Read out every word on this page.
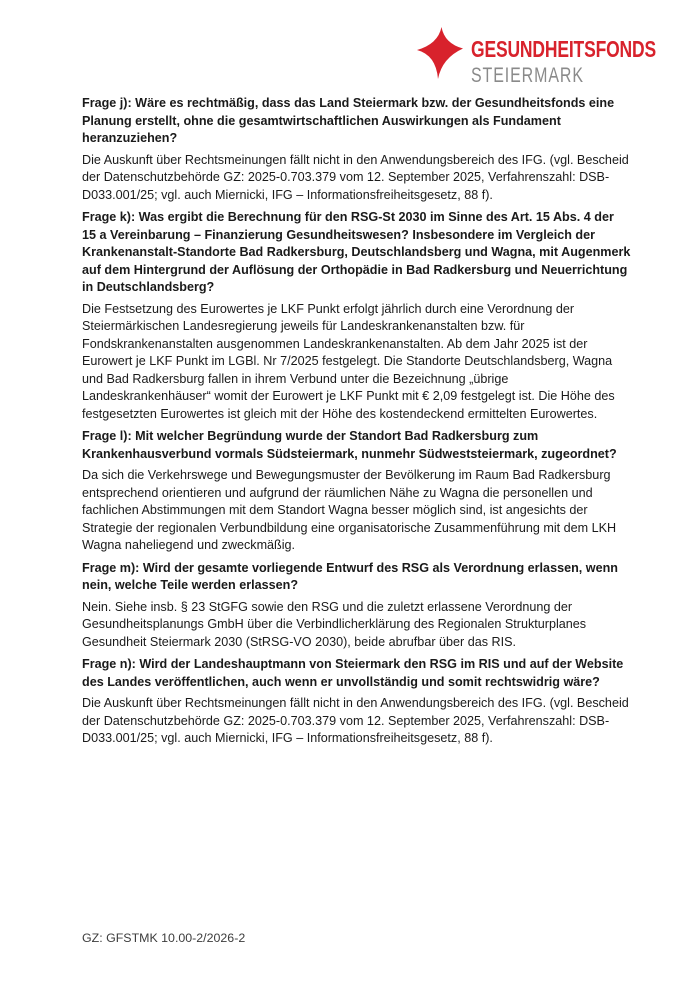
GESUNDHEITSFONDS
STEIERMARK
Frage j): Wäre es rechtmäßig, dass das Land Steiermark bzw. der Gesundheitsfonds eine Planung erstellt, ohne die gesamtwirtschaftlichen Auswirkungen als Fundament heranzuziehen?

Die Auskunft über Rechtsmeinungen fällt nicht in den Anwendungsbereich des IFG. (vgl. Bescheid der Datenschutzbehörde GZ: 2025-0.703.379 vom 12. September 2025, Verfahrenszahl: DSB-D033.001/25; vgl. auch Miernicki, IFG – Informationsfreiheitsgesetz, 88 f).

Frage k): Was ergibt die Berechnung für den RSG-St 2030 im Sinne des Art. 15 Abs. 4 der 15 a Vereinbarung – Finanzierung Gesundheitswesen? Insbesondere im Vergleich der Krankenanstalt-Standorte Bad Radkersburg, Deutschlandsberg und Wagna, mit Augenmerk auf dem Hintergrund der Auflösung der Orthopädie in Bad Radkersburg und Neuerrichtung in Deutschlandsberg?

Die Festsetzung des Eurowertes je LKF Punkt erfolgt jährlich durch eine Verordnung der Steiermärkischen Landesregierung jeweils für Landeskrankenanstalten bzw. für Fondskrankenanstalten ausgenommen Landeskrankenanstalten. Ab dem Jahr 2025 ist der Eurowert je LKF Punkt im LGBl. Nr 7/2025 festgelegt. Die Standorte Deutschlandsberg, Wagna und Bad Radkersburg fallen in ihrem Verbund unter die Bezeichnung „übrige Landeskrankenhäuser“ womit der Eurowert je LKF Punkt mit € 2,09 festgelegt ist. Die Höhe des festgesetzten Eurowertes ist gleich mit der Höhe des kostendeckend ermittelten Eurowertes.

Frage l): Mit welcher Begründung wurde der Standort Bad Radkersburg zum Krankenhausverbund vormals Südsteiermark, nunmehr Südweststeiermark, zugeordnet?

Da sich die Verkehrswege und Bewegungsmuster der Bevölkerung im Raum Bad Radkersburg entsprechend orientieren und aufgrund der räumlichen Nähe zu Wagna die personellen und fachlichen Abstimmungen mit dem Standort Wagna besser möglich sind, ist angesichts der Strategie der regionalen Verbundbildung eine organisatorische Zusammenführung mit dem LKH Wagna naheliegend und zweckmäßig.

Frage m): Wird der gesamte vorliegende Entwurf des RSG als Verordnung erlassen, wenn nein, welche Teile werden erlassen?

Nein. Siehe insb. § 23 StGFG sowie den RSG und die zuletzt erlassene Verordnung der Gesundheitsplanungs GmbH über die Verbindlicherklärung des Regionalen Strukturplanes Gesundheit Steiermark 2030 (StRSG-VO 2030), beide abrufbar über das RIS.

Frage n): Wird der Landeshauptmann von Steiermark den RSG im RIS und auf der Website des Landes veröffentlichen, auch wenn er unvollständig und somit rechtswidrig wäre?

Die Auskunft über Rechtsmeinungen fällt nicht in den Anwendungsbereich des IFG. (vgl. Bescheid der Datenschutzbehörde GZ: 2025-0.703.379 vom 12. September 2025, Verfahrenszahl: DSB-D033.001/25; vgl. auch Miernicki, IFG – Informationsfreiheitsgesetz, 88 f).

GZ: GFSTMK 10.00-2/2026-2
